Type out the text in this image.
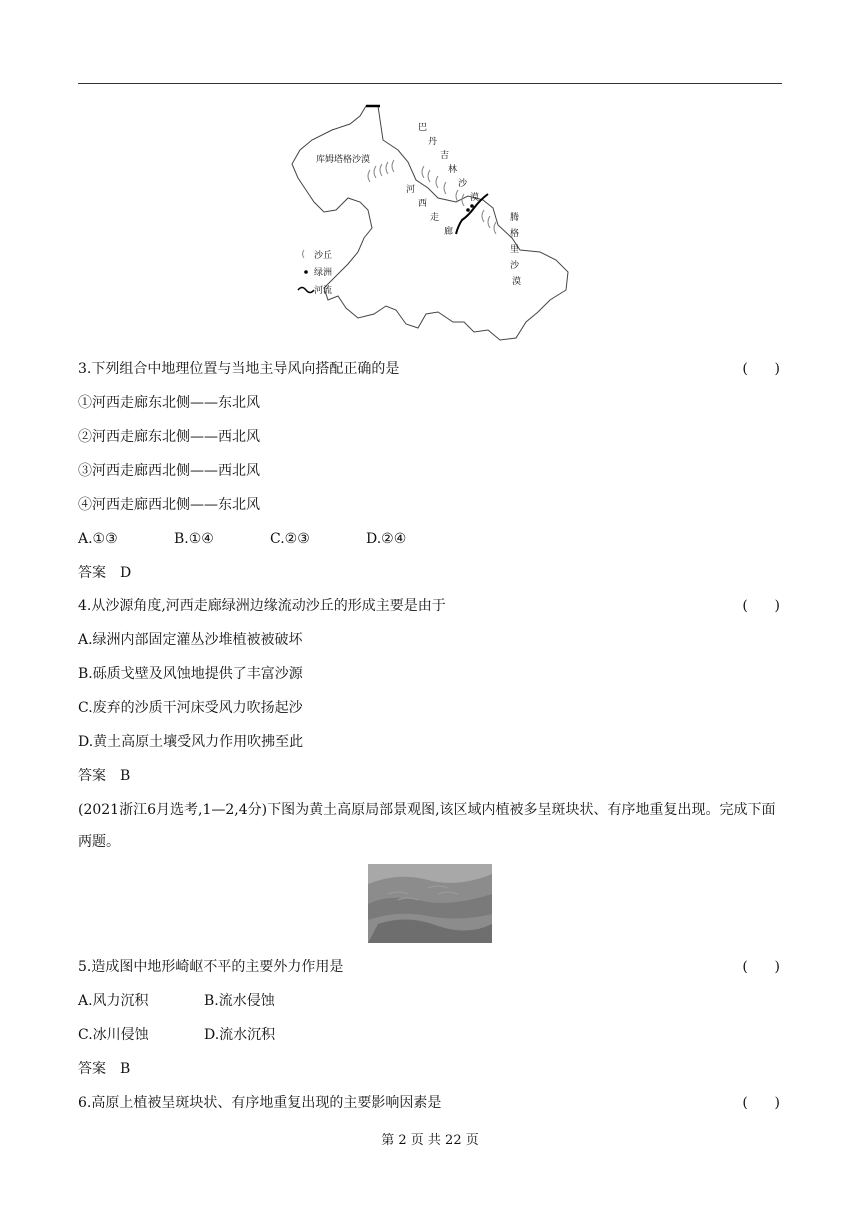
库姆塔格沙漠
巴
丹
吉
林
沙
漠
河
西
走
廊
腾
格
里
沙
漠
沙丘
绿洲
河流
3.下列组合中地理位置与当地主导风向搭配正确的是	(      )
①河西走廊东北侧——东北风
②河西走廊东北侧——西北风
③河西走廊西北侧——西北风
④河西走廊西北侧——东北风
A.①③	B.①④	C.②③	D.②④
答案　D
4.从沙源角度,河西走廊绿洲边缘流动沙丘的形成主要是由于	(      )
A.绿洲内部固定灌丛沙堆植被被破坏
B.砾质戈壁及风蚀地提供了丰富沙源
C.废弃的沙质干河床受风力吹扬起沙
D.黄土高原土壤受风力作用吹拂至此
答案　B
(2021浙江6月选考,1—2,4分)下图为黄土高原局部景观图,该区域内植被多呈斑块状、有序地重复出现。完成下面两题。
5.造成图中地形崎岖不平的主要外力作用是	(      )
A.风力沉积	B.流水侵蚀
C.冰川侵蚀	D.流水沉积
答案　B
6.高原上植被呈斑块状、有序地重复出现的主要影响因素是	(      )
第 2 页 共 22 页
